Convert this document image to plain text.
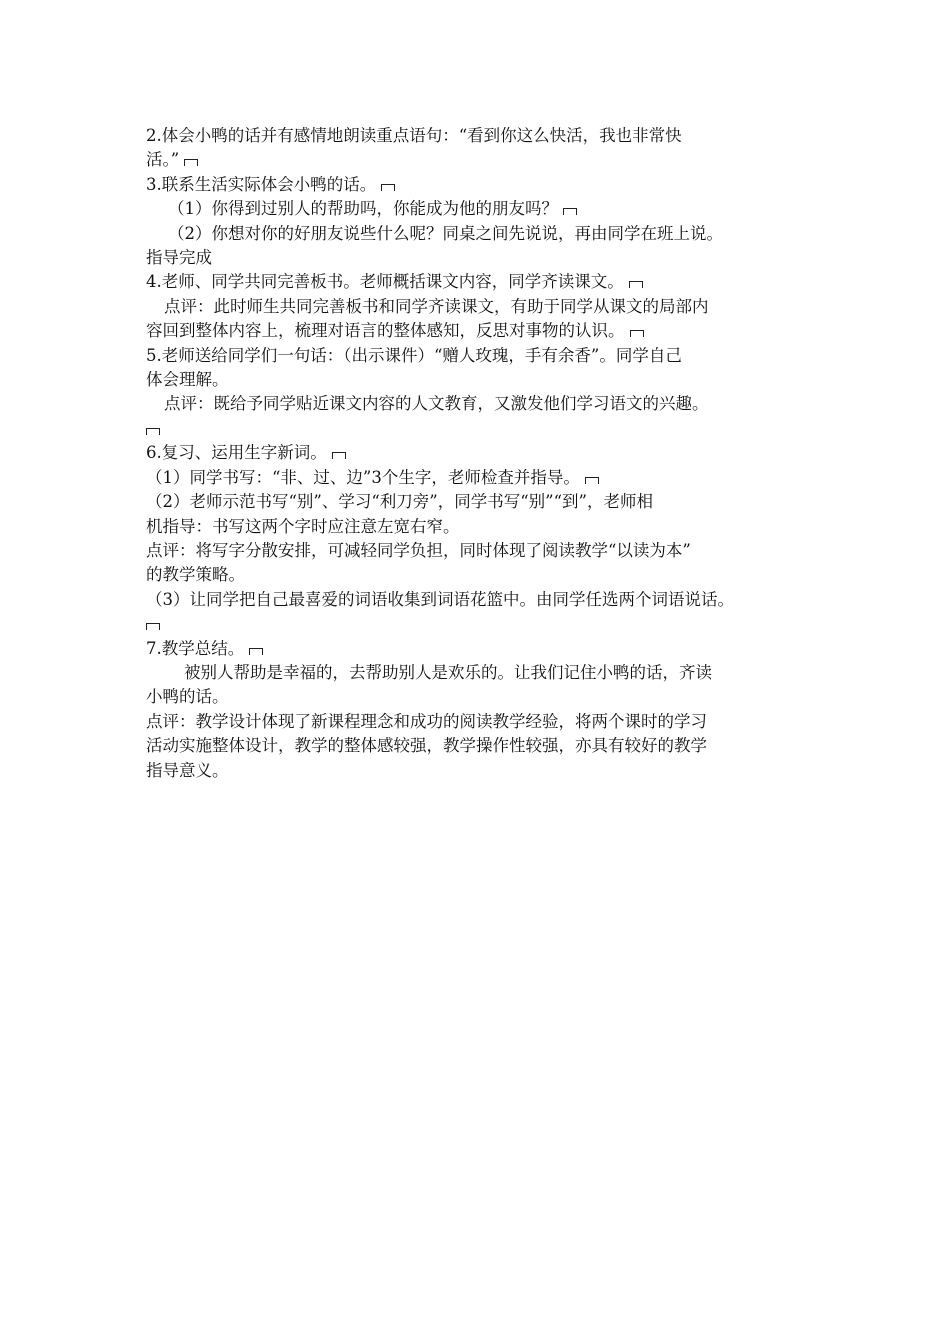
2.体会小鸭的话并有感情地朗读重点语句：“看到你这么快活，我也非常快
活。”
3.联系生活实际体会小鸭的话。
（1）你得到过别人的帮助吗，你能成为他的朋友吗？
（2）你想对你的好朋友说些什么呢？同桌之间先说说，再由同学在班上说。
指导完成
4.老师、同学共同完善板书。老师概括课文内容，同学齐读课文。
点评：此时师生共同完善板书和同学齐读课文，有助于同学从课文的局部内
容回到整体内容上，梳理对语言的整体感知，反思对事物的认识。
5.老师送给同学们一句话：（出示课件）“赠人玫瑰，手有余香”。同学自己
体会理解。
点评：既给予同学贴近课文内容的人文教育，又激发他们学习语文的兴趣。
6.复习、运用生字新词。
（1）同学书写：“非、过、边”3个生字，老师检查并指导。
（2）老师示范书写“别”、学习“利刀旁”，同学书写“别”“到”，老师相
机指导：书写这两个字时应注意左宽右窄。
点评：将写字分散安排，可减轻同学负担，同时体现了阅读教学“以读为本”
的教学策略。
（3）让同学把自己最喜爱的词语收集到词语花篮中。由同学任选两个词语说话。
7.教学总结。
被别人帮助是幸福的，去帮助别人是欢乐的。让我们记住小鸭的话，齐读
小鸭的话。
点评：教学设计体现了新课程理念和成功的阅读教学经验，将两个课时的学习
活动实施整体设计，教学的整体感较强，教学操作性较强，亦具有较好的教学
指导意义。
